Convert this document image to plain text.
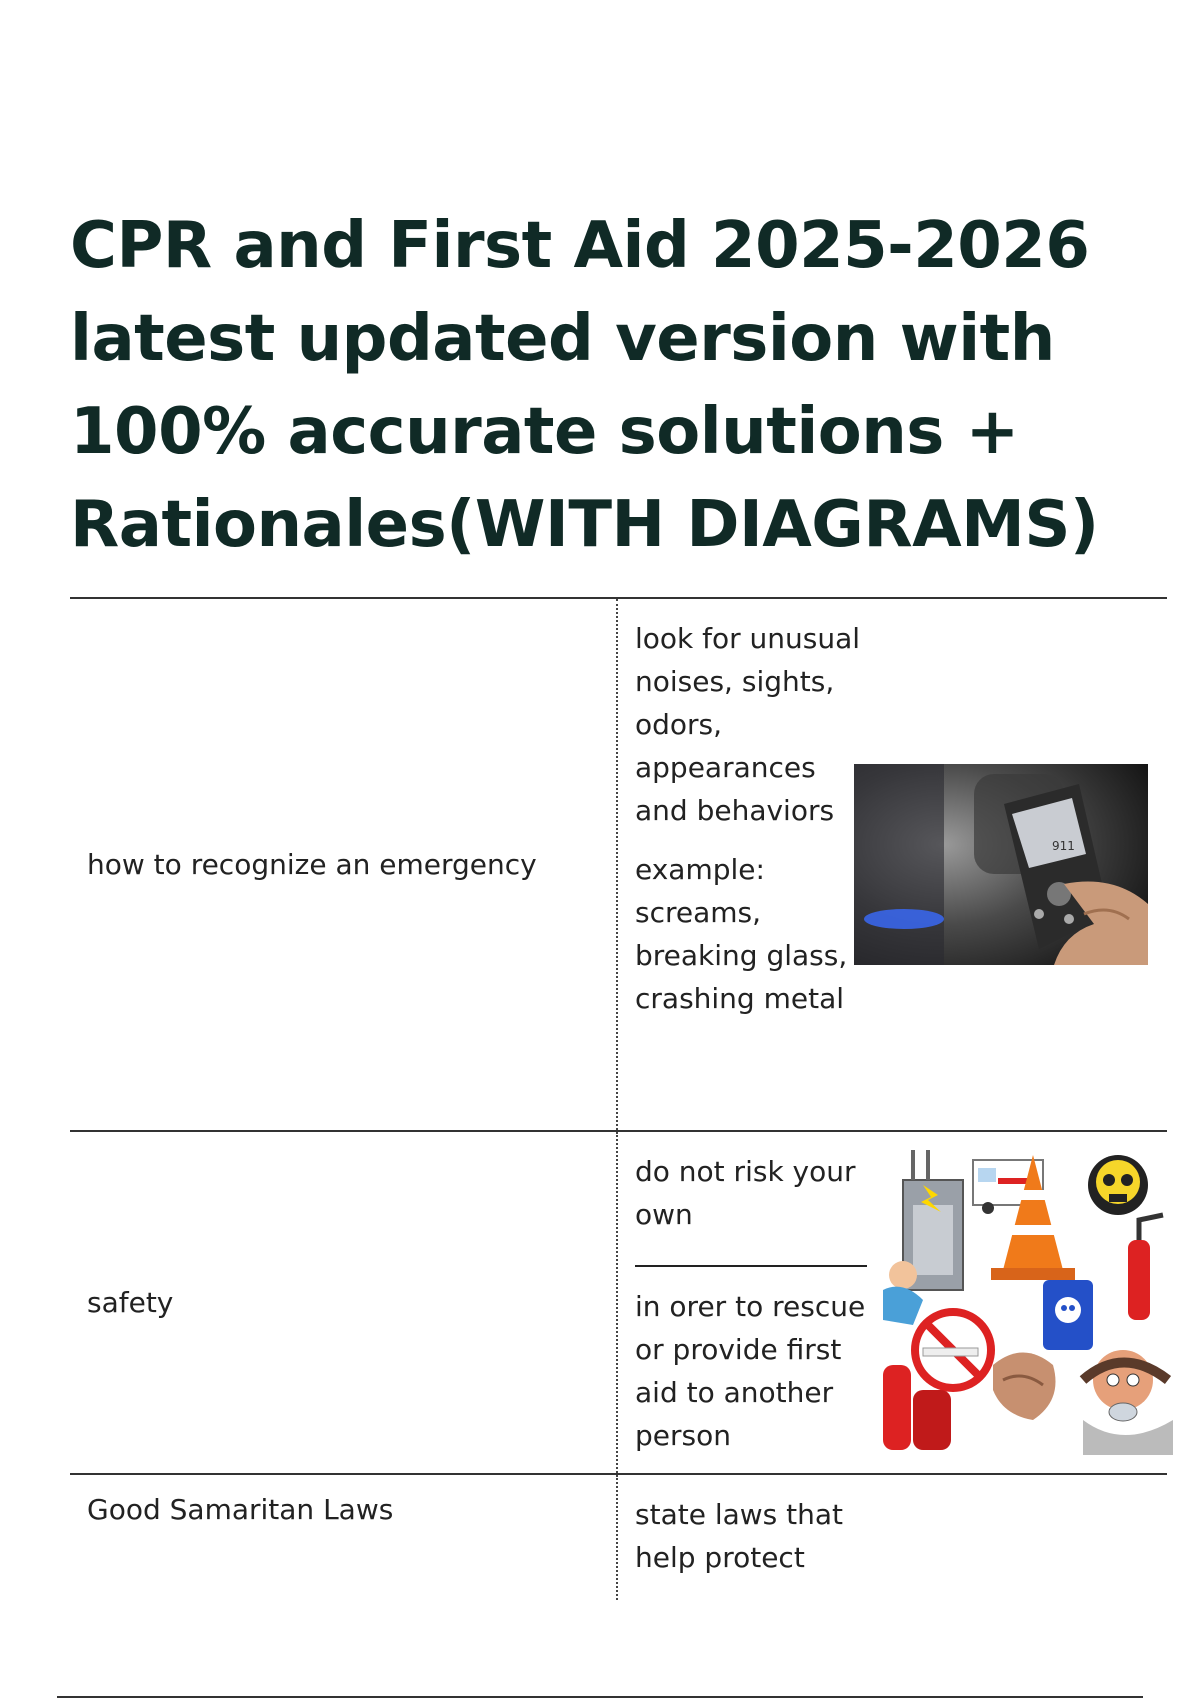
CPR and First Aid 2025-2026
latest updated version with
100% accurate solutions +
Rationales(WITH DIAGRAMS)
how to recognize an emergency

look for unusual noises, sights, odors, appearances and behaviors

example: screams, breaking glass, crashing metal

911
safety

do not risk your own

in orer to rescue or provide first aid to another person

Good Samaritan Laws	state laws that help protect
